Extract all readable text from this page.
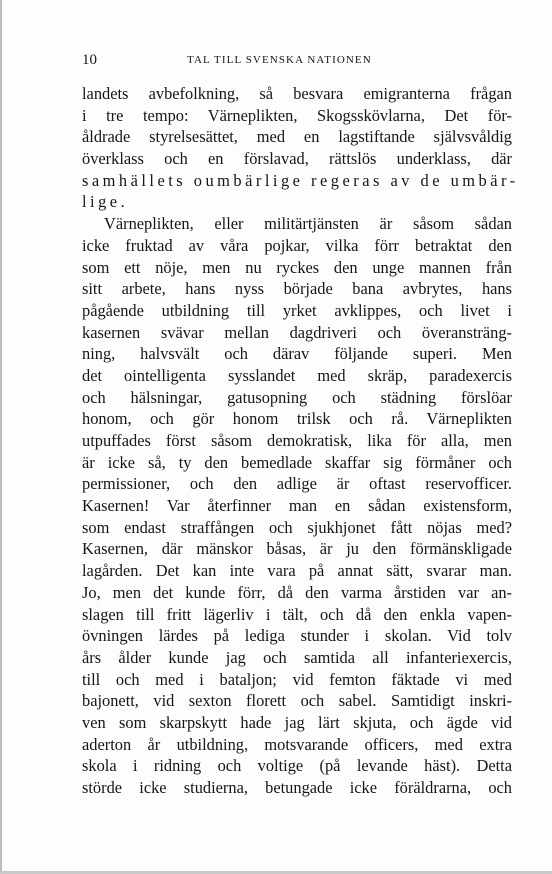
10	TAL TILL SVENSKA NATIONEN
landets avbefolkning, så besvara emigranterna frågan
i tre tempo: Värneplikten, Skogsskövlarna, Det för-
åldrade styrelsesättet, med en lagstiftande självsvåldig
överklass och en förslavad, rättslös underklass, där
samhällets oumbärlige regeras av de umbär-
lige.
Värneplikten, eller militärtjänsten är såsom sådan
icke fruktad av våra pojkar, vilka förr betraktat den
som ett nöje, men nu ryckes den unge mannen från
sitt arbete, hans nyss började bana avbrytes, hans
pågående utbildning till yrket avklippes, och livet i
kasernen svävar mellan dagdriveri och överansträng-
ning, halvsvält och därav följande superi. Men
det ointelligenta sysslandet med skräp, paradexercis
och hälsningar, gatusopning och städning förslöar
honom, och gör honom trilsk och rå. Värneplikten
utpuffades först såsom demokratisk, lika för alla, men
är icke så, ty den bemedlade skaffar sig förmåner och
permissioner, och den adlige är oftast reservofficer.
Kasernen! Var återfinner man en sådan existensform,
som endast straffången och sjukhjonet fått nöjas med?
Kasernen, där mänskor båsas, är ju den förmänskligade
lagården. Det kan inte vara på annat sätt, svarar man.
Jo, men det kunde förr, då den varma årstiden var an-
slagen till fritt lägerliv i tält, och då den enkla vapen-
övningen lärdes på lediga stunder i skolan. Vid tolv
års ålder kunde jag och samtida all infanteriexercis,
till och med i bataljon; vid femton fäktade vi med
bajonett, vid sexton florett och sabel. Samtidigt inskri-
ven som skarpskytt hade jag lärt skjuta, och ägde vid
aderton år utbildning, motsvarande officers, med extra
skola i ridning och voltige (på levande häst). Detta
störde icke studierna, betungade icke föräldrarna, och
